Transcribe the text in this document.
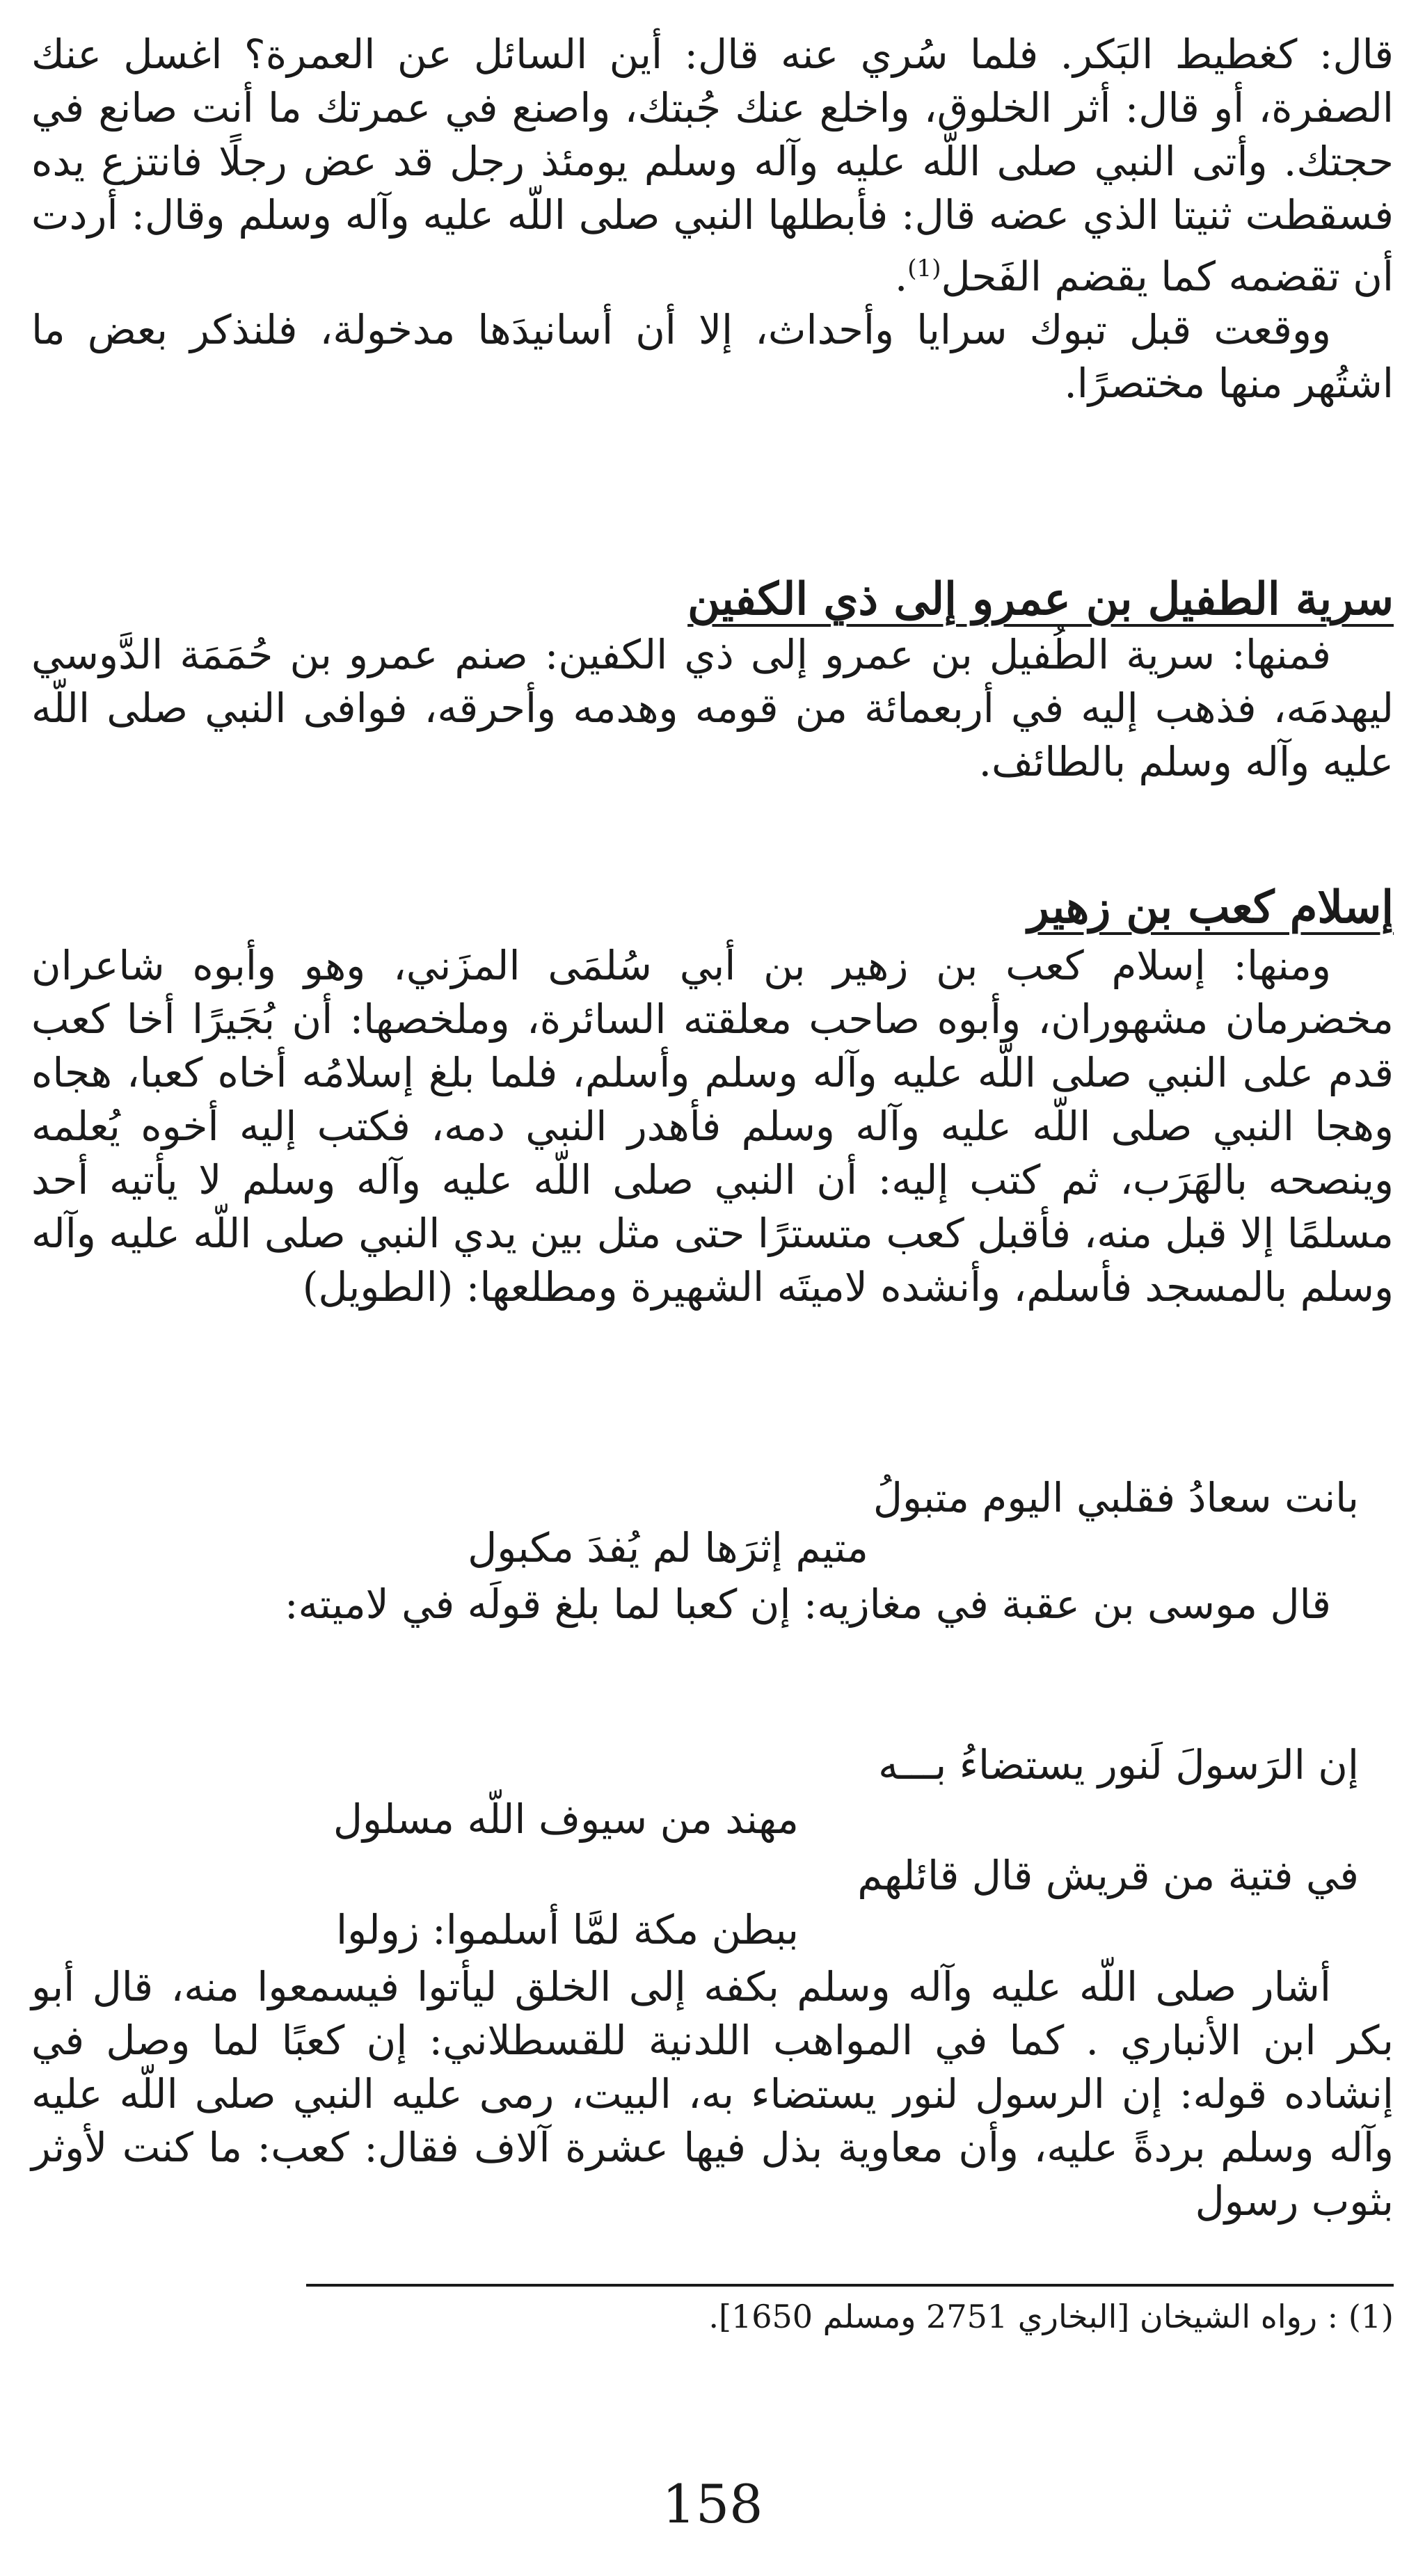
قال: كغطيط البَكر. فلما سُري عنه قال: أين السائل عن العمرة؟ اغسل عنك الصفرة، أو قال: أثر الخلوق، واخلع عنك جُبتك، واصنع في عمرتك ما أنت صانع في حجتك. وأتى النبي صلى اللّه عليه وآله وسلم يومئذ رجل قد عض رجلًا فانتزع يده فسقطت ثنيتا الذي عضه قال: فأبطلها النبي صلى اللّه عليه وآله وسلم وقال: أردت أن تقضمه كما يقضم الفَحل$^{(1)}$.

ووقعت قبل تبوك سرايا وأحداث، إلا أن أسانيدَها مدخولة، فلنذكر بعض ما اشتُهر منها مختصرًا.

سرية الطفيل بن عمرو إلى ذي الكفين

فمنها: سرية الطُفيل بن عمرو إلى ذي الكفين: صنم عمرو بن حُمَمَة الدَّوسي ليهدمَه، فذهب إليه في أربعمائة من قومه وهدمه وأحرقه، فوافى النبي صلى اللّه عليه وآله وسلم بالطائف.

إسلام كعب بن زهير

ومنها: إسلام كعب بن زهير بن أبي سُلمَى المزَني، وهو وأبوه شاعران مخضرمان مشهوران، وأبوه صاحب معلقته السائرة، وملخصها: أن بُجَيرًا أخا كعب قدم على النبي صلى اللّه عليه وآله وسلم وأسلم، فلما بلغ إسلامُه أخاه كعبا، هجاه وهجا النبي صلى اللّه عليه وآله وسلم فأهدر النبي دمه، فكتب إليه أخوه يُعلمه وينصحه بالهَرَب، ثم كتب إليه: أن النبي صلى اللّه عليه وآله وسلم لا يأتيه أحد مسلمًا إلا قبل منه، فأقبل كعب متسترًا حتى مثل بين يدي النبي صلى اللّه عليه وآله وسلم بالمسجد فأسلم، وأنشده لاميتَه الشهيرة ومطلعها: (الطويل)

بانت سعادُ فقلبي اليوم متبولُ
متيم إثرَها لم يُفدَ مكبول

قال موسى بن عقبة في مغازيه: إن كعبا لما بلغ قولَه في لاميته:

إن الرَسولَ لَنور يستضاءُ بـــه
مهند من سيوف اللّه مسلول
في فتية من قريش قال قائلهم
ببطن مكة لمَّا أسلموا: زولوا

أشار صلى اللّه عليه وآله وسلم بكفه إلى الخلق ليأتوا فيسمعوا منه، قال أبو بكر ابن الأنباري . كما في المواهب اللدنية للقسطلاني: إن كعبًا لما وصل في إنشاده قوله: إن الرسول لنور يستضاء به، البيت، رمى عليه النبي صلى اللّه عليه وآله وسلم بردةً عليه، وأن معاوية بذل فيها عشرة آلاف فقال: كعب: ما كنت لأوثر بثوب رسول

(1) : رواه الشيخان [البخاري 2751 ومسلم 1650].
158
